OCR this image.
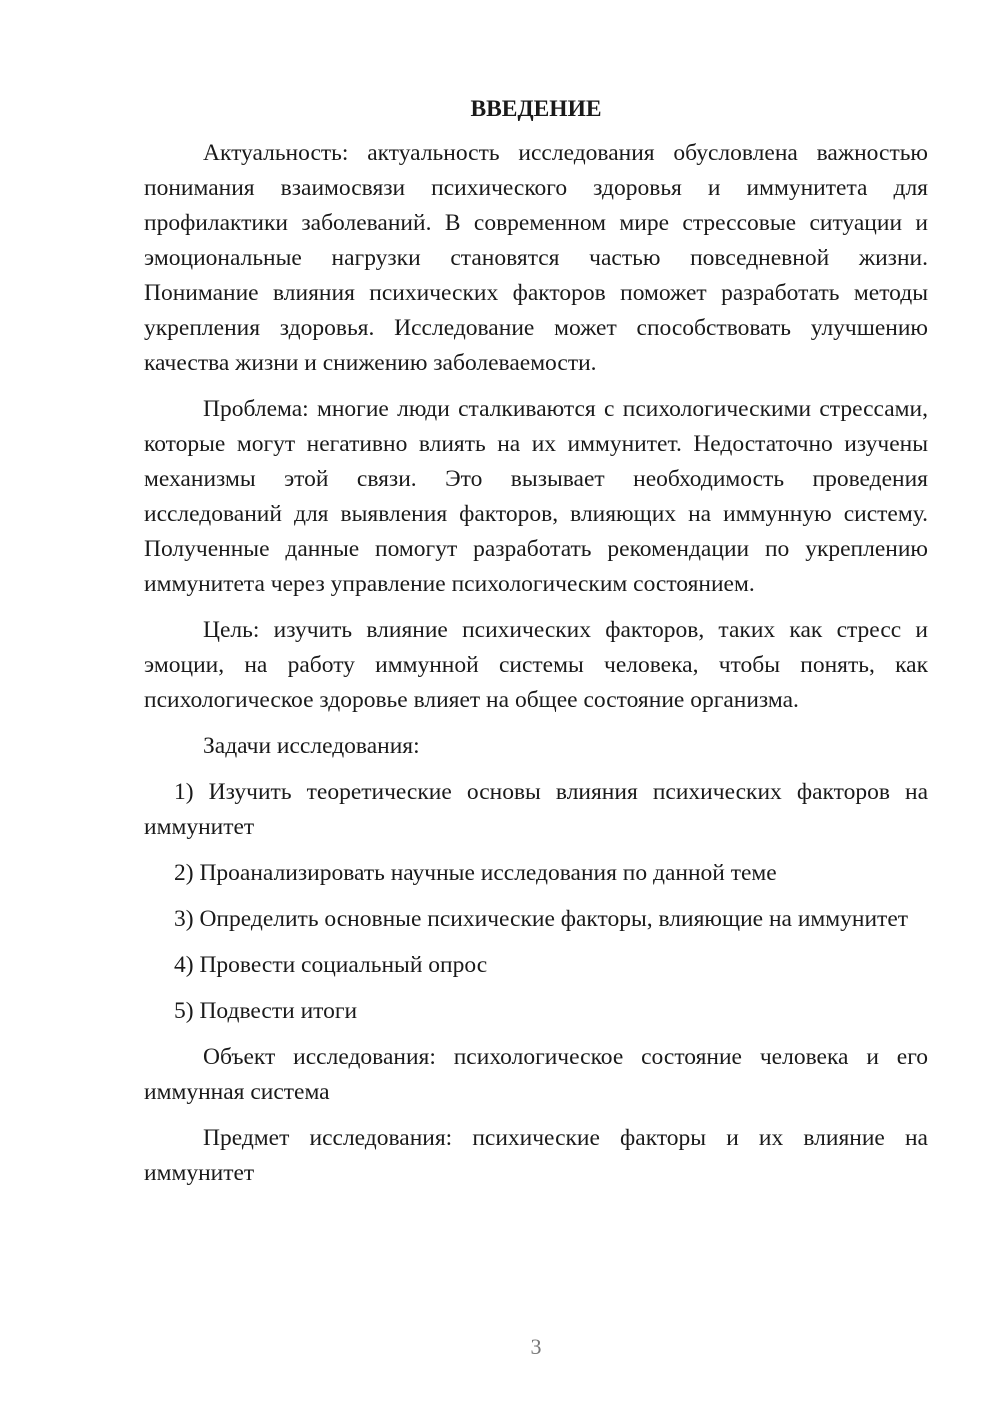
ВВЕДЕНИЕ

Актуальность: актуальность исследования обусловлена важностью понимания взаимосвязи психического здоровья и иммунитета для профилактики заболеваний. В современном мире стрессовые ситуации и эмоциональные нагрузки становятся частью повседневной жизни. Понимание влияния психических факторов поможет разработать методы укрепления здоровья. Исследование может способствовать улучшению качества жизни и снижению заболеваемости.

Проблема: многие люди сталкиваются с психологическими стрессами, которые могут негативно влиять на их иммунитет. Недостаточно изучены механизмы этой связи. Это вызывает необходимость проведения исследований для выявления факторов, влияющих на иммунную систему. Полученные данные помогут разработать рекомендации по укреплению иммунитета через управление психологическим состоянием.

Цель: изучить влияние психических факторов, таких как стресс и эмоции, на работу иммунной системы человека, чтобы понять, как психологическое здоровье влияет на общее состояние организма.

Задачи исследования:

1) Изучить теоретические основы влияния психических факторов на иммунитет

2) Проанализировать научные исследования по данной теме

3) Определить основные психические факторы, влияющие на иммунитет

4) Провести социальный опрос

5) Подвести итоги

Объект исследования: психологическое состояние человека и его иммунная система

Предмет исследования: психические факторы и их влияние на иммунитет

3
